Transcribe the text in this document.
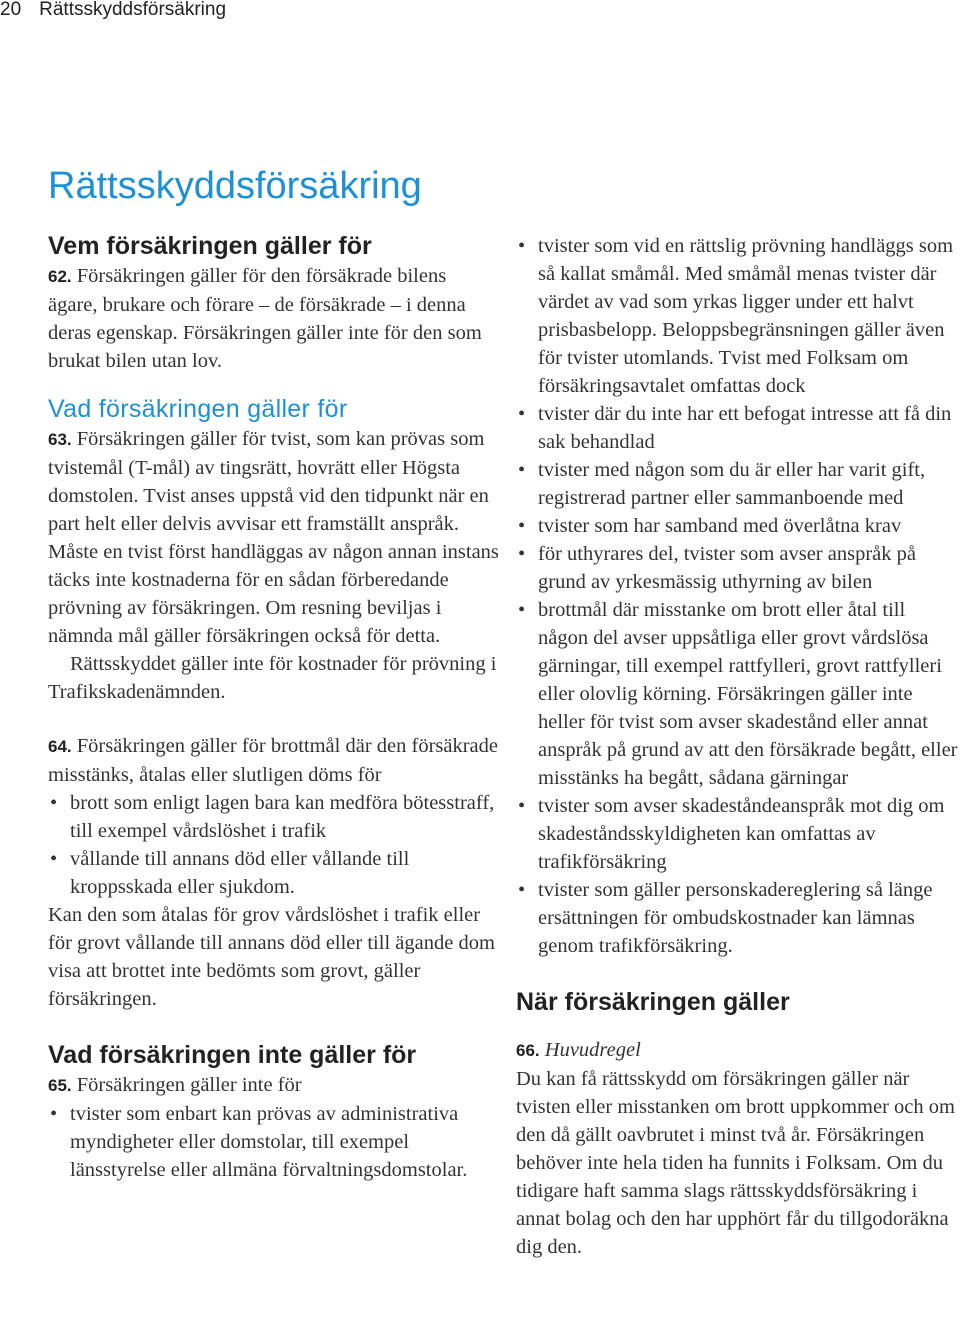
20 Rättsskyddsförsäkring
Rättsskyddsförsäkring
Vem försäkringen gäller för

62. Försäkringen gäller för den försäkrade bilens ägare, brukare och förare – de försäkrade – i denna deras egenskap. Försäkringen gäller inte för den som brukat bilen utan lov.

Vad försäkringen gäller för

63. Försäkringen gäller för tvist, som kan prövas som tvistemål (T-mål) av tingsrätt, hovrätt eller Högsta domstolen. Tvist anses uppstå vid den tidpunkt när en part helt eller delvis avvisar ett framställt anspråk. Måste en tvist först handläggas av någon annan instans täcks inte kostnaderna för en sådan förberedande prövning av försäkringen. Om resning beviljas i nämnda mål gäller försäkringen också för detta.

Rättsskyddet gäller inte för kostnader för prövning i Trafikskadenämnden.

64. Försäkringen gäller för brottmål där den försäkrade misstänks, åtalas eller slutligen döms för

• brott som enligt lagen bara kan medföra bötesstraff, till exempel vårdslöshet i trafik
• vållande till annans död eller vållande till kroppsskada eller sjukdom.

Kan den som åtalas för grov vårdslöshet i trafik eller för grovt vållande till annans död eller till ägande dom visa att brottet inte bedömts som grovt, gäller försäkringen.

Vad försäkringen inte gäller för

65. Försäkringen gäller inte för

• tvister som enbart kan prövas av administrativa myndigheter eller domstolar, till exempel länsstyrelse eller allmäna förvaltningsdomstolar.
• tvister som vid en rättslig prövning handläggs som så kallat småmål. Med småmål menas tvister där värdet av vad som yrkas ligger under ett halvt prisbasbelopp. Beloppsbegränsningen gäller även för tvister utomlands. Tvist med Folksam om försäkringsavtalet omfattas dock
• tvister där du inte har ett befogat intresse att få din sak behandlad
• tvister med någon som du är eller har varit gift, registrerad partner eller sammanboende med
• tvister som har samband med överlåtna krav
• för uthyrares del, tvister som avser anspråk på grund av yrkesmässig uthyrning av bilen
• brottmål där misstanke om brott eller åtal till någon del avser uppsåtliga eller grovt vårdslösa gärningar, till exempel rattfylleri, grovt rattfylleri eller olovlig körning. Försäkringen gäller inte heller för tvist som avser skadestånd eller annat anspråk på grund av att den försäkrade begått, eller misstänks ha begått, sådana gärningar
• tvister som avser skadeståndeanspråk mot dig om skadeståndsskyldigheten kan omfattas av trafikförsäkring
• tvister som gäller personskadereglering så länge ersättningen för ombudskostnader kan lämnas genom trafikförsäkring.
När försäkringen gäller

66. Huvudregel

Du kan få rättsskydd om försäkringen gäller när tvisten eller misstanken om brott uppkommer och om den då gällt oavbrutet i minst två år. Försäkringen behöver inte hela tiden ha funnits i Folksam. Om du tidigare haft samma slags rättsskyddsförsäkring i annat bolag och den har upphört får du tillgodoräkna dig den.
